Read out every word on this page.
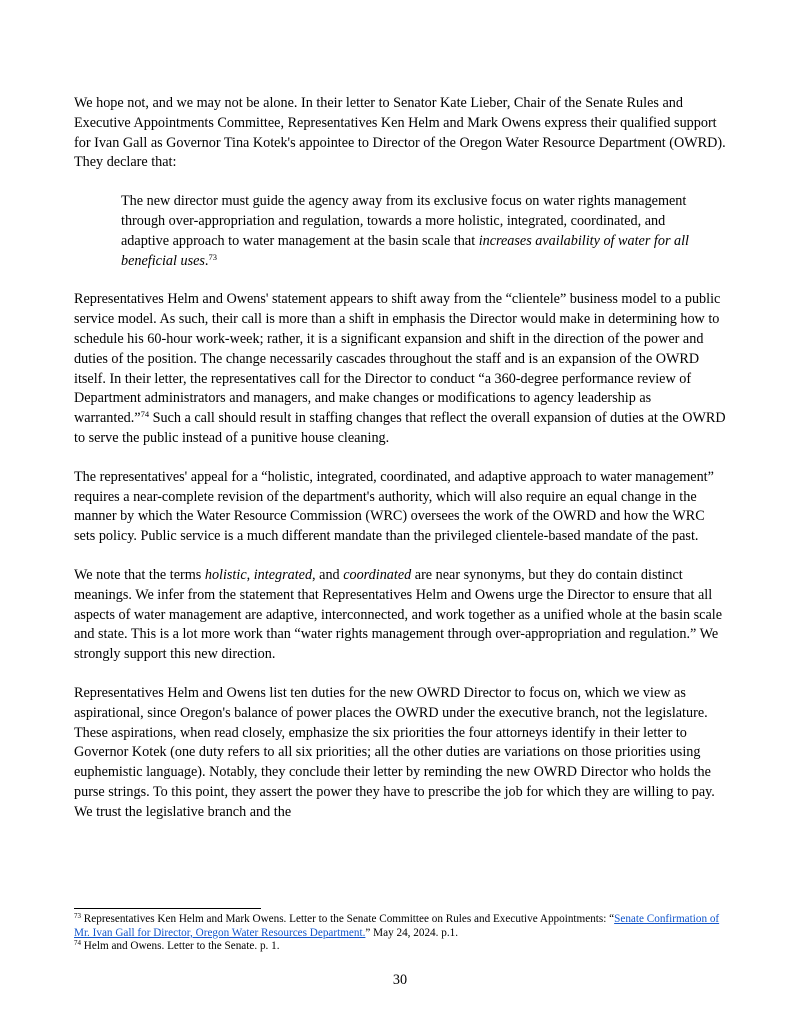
We hope not, and we may not be alone. In their letter to Senator Kate Lieber, Chair of the Senate Rules and Executive Appointments Committee, Representatives Ken Helm and Mark Owens express their qualified support for Ivan Gall as Governor Tina Kotek's appointee to Director of the Oregon Water Resource Department (OWRD). They declare that:

The new director must guide the agency away from its exclusive focus on water rights management through over-appropriation and regulation, towards a more holistic, integrated, coordinated, and adaptive approach to water management at the basin scale that increases availability of water for all beneficial uses.$^{73}$

Representatives Helm and Owens' statement appears to shift away from the “clientele” business model to a public service model. As such, their call is more than a shift in emphasis the Director would make in determining how to schedule his 60-hour work-week; rather, it is a significant expansion and shift in the direction of the power and duties of the position. The change necessarily cascades throughout the staff and is an expansion of the OWRD itself. In their letter, the representatives call for the Director to conduct “a 360-degree performance review of Department administrators and managers, and make changes or modifications to agency leadership as warranted.”$^{74}$ Such a call should result in staffing changes that reflect the overall expansion of duties at the OWRD to serve the public instead of a punitive house cleaning.

The representatives' appeal for a “holistic, integrated, coordinated, and adaptive approach to water management” requires a near-complete revision of the department's authority, which will also require an equal change in the manner by which the Water Resource Commission (WRC) oversees the work of the OWRD and how the WRC sets policy. Public service is a much different mandate than the privileged clientele-based mandate of the past.

We note that the terms holistic, integrated, and coordinated are near synonyms, but they do contain distinct meanings. We infer from the statement that Representatives Helm and Owens urge the Director to ensure that all aspects of water management are adaptive, interconnected, and work together as a unified whole at the basin scale and state. This is a lot more work than “water rights management through over-appropriation and regulation.” We strongly support this new direction.

Representatives Helm and Owens list ten duties for the new OWRD Director to focus on, which we view as aspirational, since Oregon's balance of power places the OWRD under the executive branch, not the legislature. These aspirations, when read closely, emphasize the six priorities the four attorneys identify in their letter to Governor Kotek (one duty refers to all six priorities; all the other duties are variations on those priorities using euphemistic language). Notably, they conclude their letter by reminding the new OWRD Director who holds the purse strings. To this point, they assert the power they have to prescribe the job for which they are willing to pay. We trust the legislative branch and the

$^{73}$ Representatives Ken Helm and Mark Owens. Letter to the Senate Committee on Rules and Executive Appointments: “Senate Confirmation of Mr. Ivan Gall for Director, Oregon Water Resources Department.” May 24, 2024. p.1.
$^{74}$ Helm and Owens. Letter to the Senate. p. 1.
30
